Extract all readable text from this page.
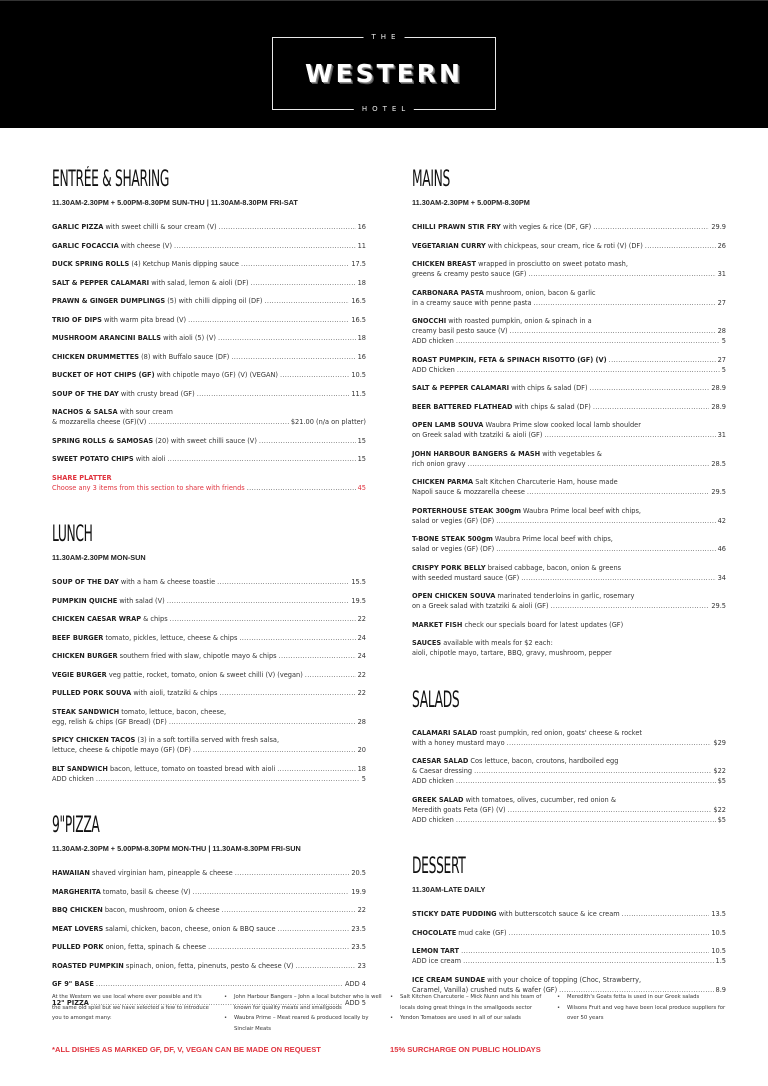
THE
WESTERN
HOTEL
ENTRÉE & SHARING
11.30AM-2.30PM + 5.00PM-8.30PM SUN-THU | 11.30AM-8.30PM FRI-SAT
GARLIC PIZZA with sweet chilli & sour cream (V) .....	16
GARLIC FOCACCIA with cheese (V) .....	11
DUCK SPRING ROLLS (4) Ketchup Manis dipping sauce .....	17.5
SALT & PEPPER CALAMARI with salad, lemon & aioli (DF) .....	18
PRAWN & GINGER DUMPLINGS (5) with chilli dipping oil (DF) .....	16.5
TRIO OF DIPS with warm pita bread (V) .....	16.5
MUSHROOM ARANCINI BALLS with aioli (5) (V) .....	18
CHICKEN DRUMMETTES (8) with Buffalo sauce (DF) .....	16
BUCKET OF HOT CHIPS (GF) with chipotle mayo (GF) (V) (VEGAN) .....	10.5
SOUP OF THE DAY with crusty bread (GF) .....	11.5
NACHOS & SALSA with sour cream
& mozzarella cheese (GF)(V) .....	$21.00 (n/a on platter)
SPRING ROLLS & SAMOSAS (20) with sweet chilli sauce (V) .....	15
SWEET POTATO CHIPS with aioli .....	15
SHARE PLATTER
Choose any 3 items from this section to share with friends .....	45
LUNCH
11.30AM-2.30PM MON-SUN
SOUP OF THE DAY with a ham & cheese toastie .....	15.5
PUMPKIN QUICHE with salad (V) .....	19.5
CHICKEN CAESAR WRAP & chips .....	22
BEEF BURGER tomato, pickles, lettuce, cheese & chips .....	24
CHICKEN BURGER southern fried with slaw, chipotle mayo & chips .....	24
VEGIE BURGER veg pattie, rocket, tomato, onion & sweet chilli (V) (vegan) .....	22
PULLED PORK SOUVA with aioli, tzatziki & chips .....	22
STEAK SANDWICH tomato, lettuce, bacon, cheese,
egg, relish & chips (GF Bread) (DF) .....	28
SPICY CHICKEN TACOS (3) in a soft tortilla served with fresh salsa,
lettuce, cheese & chipotle mayo (GF) (DF) .....	20
BLT SANDWICH bacon, lettuce, tomato on toasted bread with aioli .....	18
ADD chicken .....	5
9"PIZZA
11.30AM-2.30PM + 5.00PM-8.30PM MON-THU | 11.30AM-8.30PM FRI-SUN
HAWAIIAN shaved virginian ham, pineapple & cheese .....	20.5
MARGHERITA tomato, basil & cheese (V) .....	19.9
BBQ CHICKEN bacon, mushroom, onion & cheese .....	22
MEAT LOVERS salami, chicken, bacon, cheese, onion & BBQ sauce .....	23.5
PULLED PORK onion, fetta, spinach & cheese .....	23.5
ROASTED PUMPKIN spinach, onion, fetta, pinenuts, pesto & cheese (V) .....	23
GF 9" BASE .....	ADD 4
12" PIZZA .....	ADD 5
MAINS
11.30AM-2.30PM + 5.00PM-8.30PM
CHILLI PRAWN STIR FRY with vegies & rice (DF, GF) .....	29.9
VEGETARIAN CURRY with chickpeas, sour cream, rice & roti (V) (DF) .....	26
CHICKEN BREAST wrapped in prosciutto on sweet potato mash,
greens & creamy pesto sauce (GF) .....	31
CARBONARA PASTA mushroom, onion, bacon & garlic
in a creamy sauce with penne pasta .....	27
GNOCCHI with roasted pumpkin, onion & spinach in a
creamy basil pesto sauce (V) .....	28
ADD chicken .....	5
ROAST PUMPKIN, FETA & SPINACH RISOTTO (GF) (V) .....	27
ADD Chicken .....	5
SALT & PEPPER CALAMARI with chips & salad (DF) .....	28.9
BEER BATTERED FLATHEAD with chips & salad (DF) .....	28.9
OPEN LAMB SOUVA Waubra Prime slow cooked local lamb shoulder
on Greek salad with tzatziki & aioli (GF) .....	31
JOHN HARBOUR BANGERS & MASH with vegetables &
rich onion gravy .....	28.5
CHICKEN PARMA Salt Kitchen Charcuterie Ham, house made
Napoli sauce & mozzarella cheese .....	29.5
PORTERHOUSE STEAK 300gm Waubra Prime local beef with chips,
salad or vegies (GF) (DF) .....	42
T-BONE STEAK 500gm Waubra Prime local beef with chips,
salad or vegies (GF) (DF) .....	46
CRISPY PORK BELLY braised cabbage, bacon, onion & greens
with seeded mustard sauce (GF) .....	34
OPEN CHICKEN SOUVA marinated tenderloins in garlic, rosemary
on a Greek salad with tzatziki & aioli (GF) .....	29.5
MARKET FISH check our specials board for latest updates (GF)
SAUCES available with meals for $2 each:
aioli, chipotle mayo, tartare, BBQ, gravy, mushroom, pepper
SALADS
CALAMARI SALAD roast pumpkin, red onion, goats' cheese & rocket
with a honey mustard mayo .....	$29
CAESAR SALAD Cos lettuce, bacon, croutons, hardboiled egg
& Caesar dressing .....	$22
ADD chicken .....	$5
GREEK SALAD with tomatoes, olives, cucumber, red onion &
Meredith goats Feta (GF) (V) .....	$22
ADD chicken .....	$5
DESSERT
11.30AM-LATE DAILY
STICKY DATE PUDDING with butterscotch sauce & ice cream .....	13.5
CHOCOLATE mud cake (GF) .....	10.5
LEMON TART .....	10.5
ADD ice cream .....	1.5
ICE CREAM SUNDAE with your choice of topping (Choc, Strawberry,
Caramel, Vanilla) crushed nuts & wafer (GF) .....	8.9
At the Western we use local where ever possible and it's the same old spiel but we have selected a few to introduce you to amongst many:
• John Harbour Bangers – John a local butcher who is well known for quality meats and smallgoods
• Waubra Prime – Meat reared & produced locally by Sinclair Meats
• Salt Kitchen Charcuterie – Mick Nunn and his team of locals doing great things in the smallgoods sector
• Yendon Tomatoes are used in all of our salads
• Meredith's Goats fetta is used in our Greek salads
• Wilsons Fruit and veg have been local produce suppliers for over 50 years
*ALL DISHES AS MARKED GF, DF, V, VEGAN CAN BE MADE ON REQUEST	15% SURCHARGE ON PUBLIC HOLIDAYS
